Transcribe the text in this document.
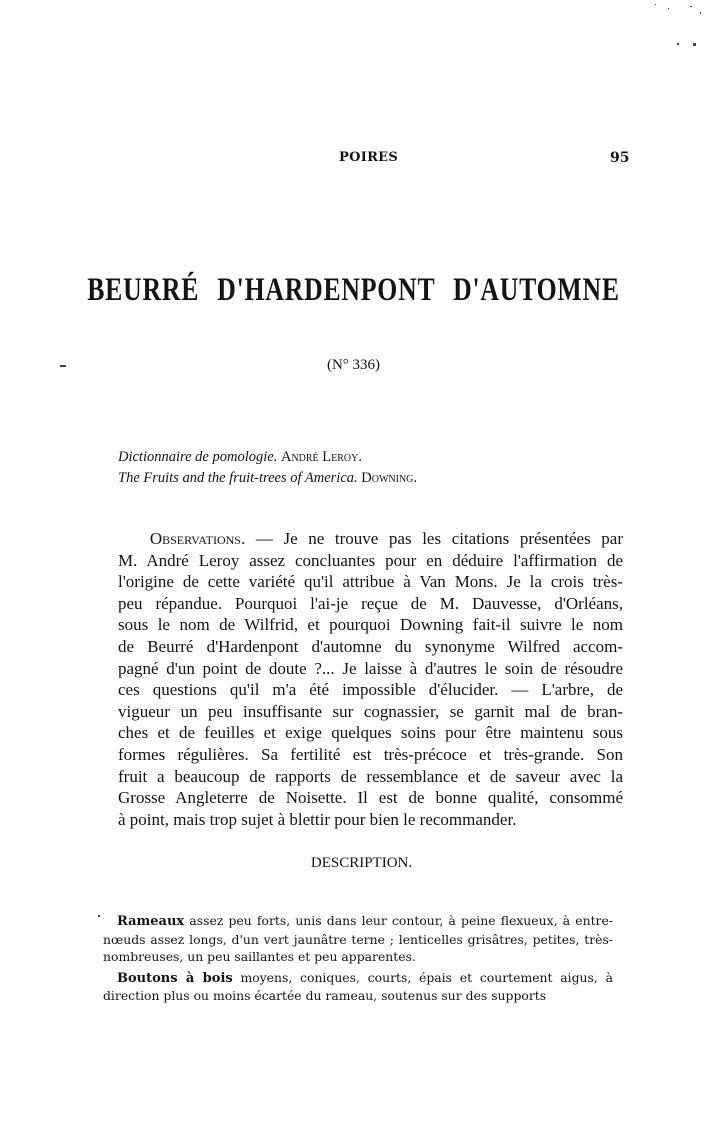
POIRES	95
BEURRÉ D'HARDENPONT D'AUTOMNE
(N° 336)
Dictionnaire de pomologie. André Leroy.
The Fruits and the fruit-trees of America. Downing.
Observations. — Je ne trouve pas les citations présentées par
M. André Leroy assez concluantes pour en déduire l'affirmation de
l'origine de cette variété qu'il attribue à Van Mons. Je la crois très-
peu répandue. Pourquoi l'ai-je reçue de M. Dauvesse, d'Orléans,
sous le nom de Wilfrid, et pourquoi Downing fait-il suivre le nom
de Beurré d'Hardenpont d'automne du synonyme Wilfred accom-
pagné d'un point de doute ?... Je laisse à d'autres le soin de résoudre
ces questions qu'il m'a été impossible d'élucider. — L'arbre, de
vigueur un peu insuffisante sur cognassier, se garnit mal de bran-
ches et de feuilles et exige quelques soins pour être maintenu sous
formes régulières. Sa fertilité est très-précoce et très-grande. Son
fruit a beaucoup de rapports de ressemblance et de saveur avec la
Grosse Angleterre de Noisette. Il est de bonne qualité, consommé
à point, mais trop sujet à blettir pour bien le recommander.
DESCRIPTION.

Rameaux assez peu forts, unis dans leur contour, à peine flexueux, à entre-nœuds assez longs, d'un vert jaunâtre terne ; lenticelles grisâtres, petites, très-nombreuses, un peu saillantes et peu apparentes.

Boutons à bois moyens, coniques, courts, épais et courtement aigus, à direction plus ou moins écartée du rameau, soutenus sur des supports
